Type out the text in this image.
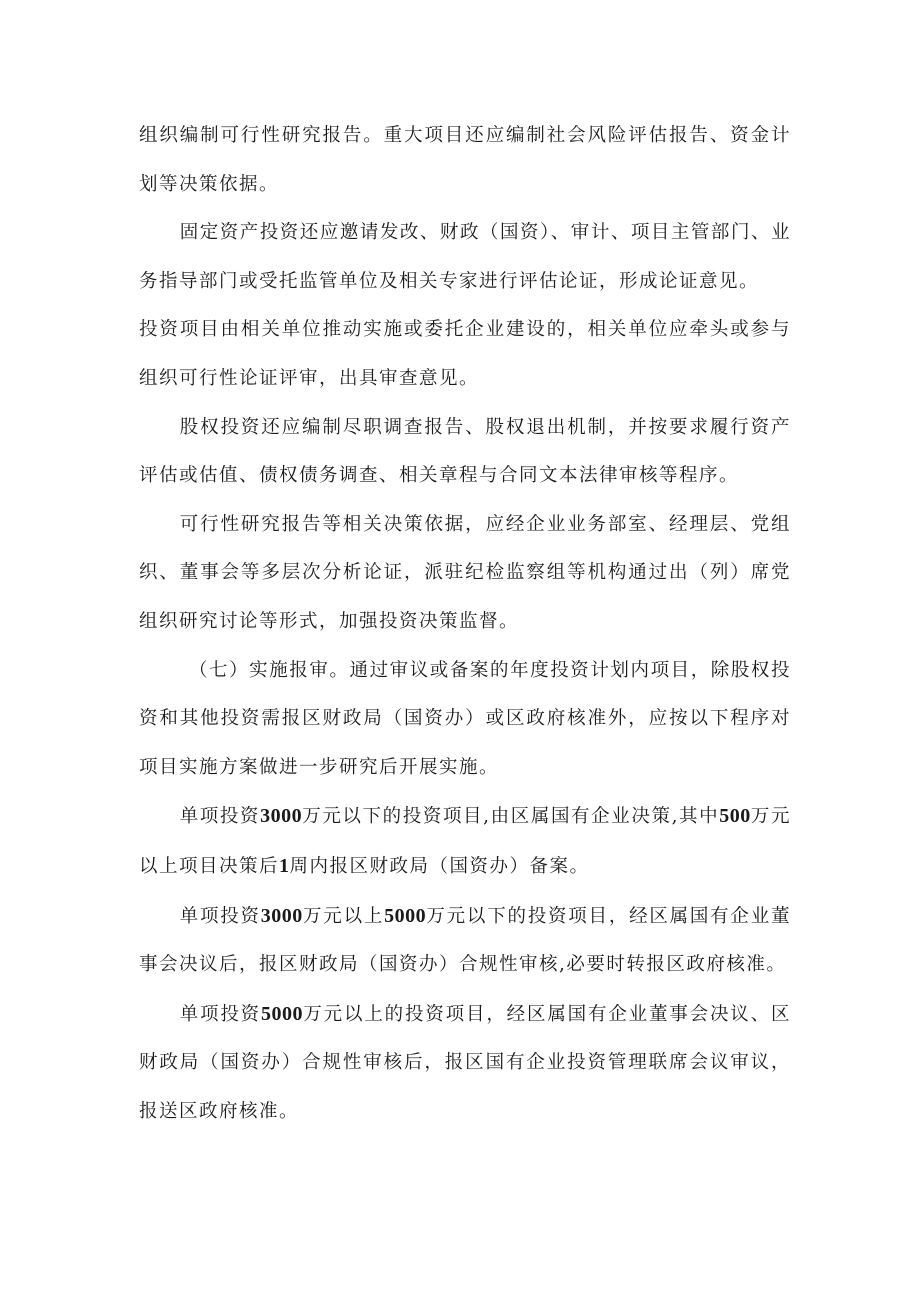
组织编制可行性研究报告。重大项目还应编制社会风险评估报告、资金计划等决策依据。

固定资产投资还应邀请发改、财政（国资）、审计、项目主管部门、业务指导部门或受托监管单位及相关专家进行评估论证，形成论证意见。

投资项目由相关单位推动实施或委托企业建设的，相关单位应牵头或参与组织可行性论证评审，出具审查意见。

股权投资还应编制尽职调查报告、股权退出机制，并按要求履行资产评估或估值、债权债务调查、相关章程与合同文本法律审核等程序。

可行性研究报告等相关决策依据，应经企业业务部室、经理层、党组织、董事会等多层次分析论证，派驻纪检监察组等机构通过出（列）席党组织研究讨论等形式，加强投资决策监督。

（七）实施报审。通过审议或备案的年度投资计划内项目，除股权投资和其他投资需报区财政局（国资办）或区政府核准外，应按以下程序对项目实施方案做进一步研究后开展实施。

单项投资3000万元以下的投资项目,由区属国有企业决策,其中500万元以上项目决策后1周内报区财政局（国资办）备案。

单项投资3000万元以上5000万元以下的投资项目，经区属国有企业董事会决议后，报区财政局（国资办）合规性审核,必要时转报区政府核准。

单项投资5000万元以上的投资项目，经区属国有企业董事会决议、区财政局（国资办）合规性审核后，报区国有企业投资管理联席会议审议，报送区政府核准。
